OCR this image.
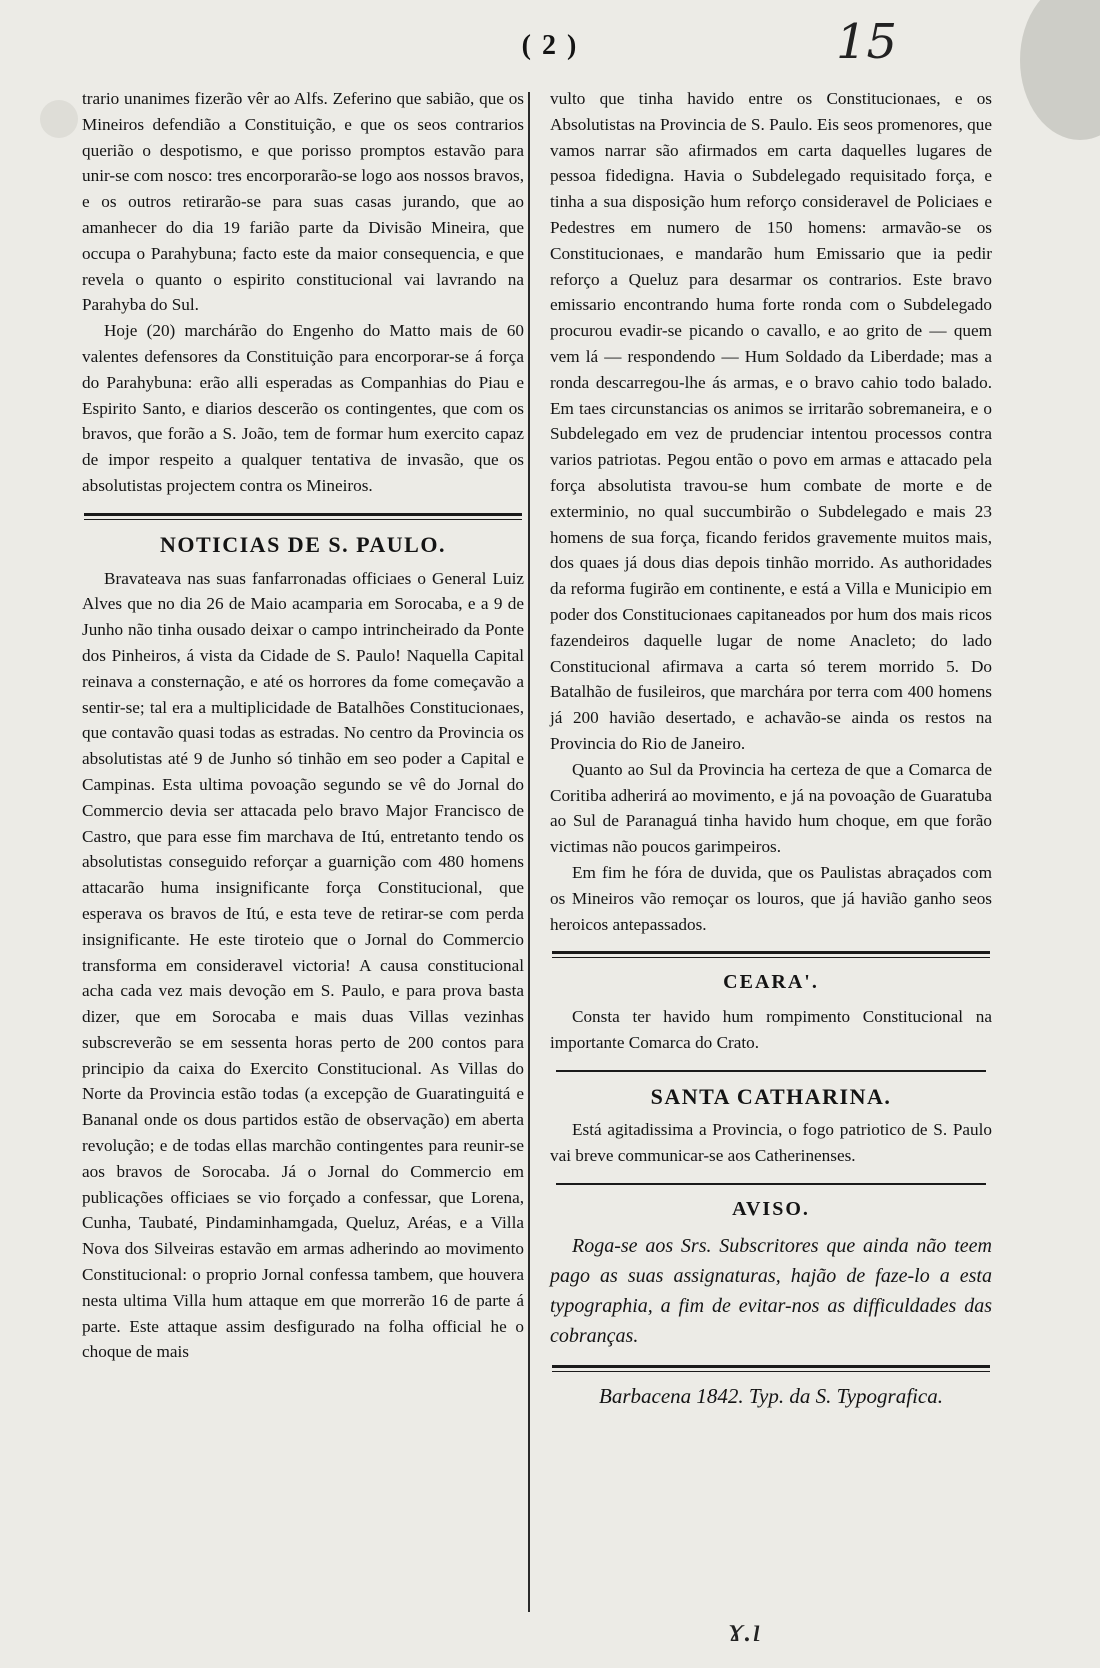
( 2 )	15

trario unanimes fizerão vêr ao Alfs. Zeferino que sabião, que os Mineiros defendião a Constituição, e que os seos contrarios querião o despotismo, e que porisso promptos estavão para unir-se com nosco: tres encorporarão-se logo aos nossos bravos, e os outros retirarão-se para suas casas jurando, que ao amanhecer do dia 19 farião parte da Divisão Mineira, que occupa o Parahybuna; facto este da maior consequencia, e que revela o quanto o espirito constitucional vai lavrando na Parahyba do Sul.

Hoje (20) marchárão do Engenho do Matto mais de 60 valentes defensores da Constituição para encorporar-se á força do Parahybuna: erão alli esperadas as Companhias do Piau e Espirito Santo, e diarios descerão os contingentes, que com os bravos, que forão a S. João, tem de formar hum exercito capaz de impor respeito a qualquer tentativa de invasão, que os absolutistas projectem contra os Mineiros.

NOTICIAS DE S. PAULO.

Bravateava nas suas fanfarronadas officiaes o General Luiz Alves que no dia 26 de Maio acamparia em Sorocaba, e a 9 de Junho não tinha ousado deixar o campo intrincheirado da Ponte dos Pinheiros, á vista da Cidade de S. Paulo! Naquella Capital reinava a consternação, e até os horrores da fome começavão a sentir-se; tal era a multiplicidade de Batalhões Constitucionaes, que contavão quasi todas as estradas. No centro da Provincia os absolutistas até 9 de Junho só tinhão em seo poder a Capital e Campinas. Esta ultima povoação segundo se vê do Jornal do Commercio devia ser attacada pelo bravo Major Francisco de Castro, que para esse fim marchava de Itú, entretanto tendo os absolutistas conseguido reforçar a guarnição com 480 homens attacarão huma insignificante força Constitucional, que esperava os bravos de Itú, e esta teve de retirar-se com perda insignificante. He este tiroteio que o Jornal do Commercio transforma em consideravel victoria! A causa constitucional acha cada vez mais devoção em S. Paulo, e para prova basta dizer, que em Sorocaba e mais duas Villas vezinhas subscreverão se em sessenta horas perto de 200 contos para principio da caixa do Exercito Constitucional. As Villas do Norte da Provincia estão todas (a excepção de Guaratinguitá e Bananal onde os dous partidos estão de observação) em aberta revolução; e de todas ellas marchão contingentes para reunir-se aos bravos de Sorocaba. Já o Jornal do Commercio em publicações officiaes se vio forçado a confessar, que Lorena, Cunha, Taubaté, Pindaminhamgada, Queluz, Aréas, e a Villa Nova dos Silveiras estavão em armas adherindo ao movimento Constitucional: o proprio Jornal confessa tambem, que houvera nesta ultima Villa hum attaque em que morrerão 16 de parte á parte. Este attaque assim desfigurado na folha official he o choque de mais

vulto que tinha havido entre os Constitucionaes, e os Absolutistas na Provincia de S. Paulo. Eis seos promenores, que vamos narrar são afirmados em carta daquelles lugares de pessoa fidedigna. Havia o Subdelegado requisitado força, e tinha a sua disposição hum reforço consideravel de Policiaes e Pedestres em numero de 150 homens: armavão-se os Constitucionaes, e mandarão hum Emissario que ia pedir reforço a Queluz para desarmar os contrarios. Este bravo emissario encontrando huma forte ronda com o Subdelegado procurou evadir-se picando o cavallo, e ao grito de — quem vem lá — respondendo — Hum Soldado da Liberdade; mas a ronda descarregou-lhe ás armas, e o bravo cahio todo balado. Em taes circunstancias os animos se irritarão sobremaneira, e o Subdelegado em vez de prudenciar intentou processos contra varios patriotas. Pegou então o povo em armas e attacado pela força absolutista travou-se hum combate de morte e de exterminio, no qual succumbirão o Subdelegado e mais 23 homens de sua força, ficando feridos gravemente muitos mais, dos quaes já dous dias depois tinhão morrido. As authoridades da reforma fugirão em continente, e está a Villa e Municipio em poder dos Constitucionaes capitaneados por hum dos mais ricos fazendeiros daquelle lugar de nome Anacleto; do lado Constitucional afirmava a carta só terem morrido 5. Do Batalhão de fusileiros, que marchára por terra com 400 homens já 200 havião desertado, e achavão-se ainda os restos na Provincia do Rio de Janeiro.

Quanto ao Sul da Provincia ha certeza de que a Comarca de Coritiba adherirá ao movimento, e já na povoação de Guaratuba ao Sul de Paranaguá tinha havido hum choque, em que forão victimas não poucos garimpeiros.

Em fim he fóra de duvida, que os Paulistas abraçados com os Mineiros vão remoçar os louros, que já havião ganho seos heroicos antepassados.

CEARA'.

Consta ter havido hum rompimento Constitucional na importante Comarca do Crato.

SANTA CATHARINA.

Está agitadissima a Provincia, o fogo patriotico de S. Paulo vai breve communicar-se aos Catherinenses.

AVISO.

Roga-se aos Srs. Subscritores que ainda não teem pago as suas assignaturas, hajão de faze-lo a esta typographia, a fim de evitar-nos as difficuldades das cobranças.

Barbacena 1842. Typ. da S. Typografica.
ɤ.ı
